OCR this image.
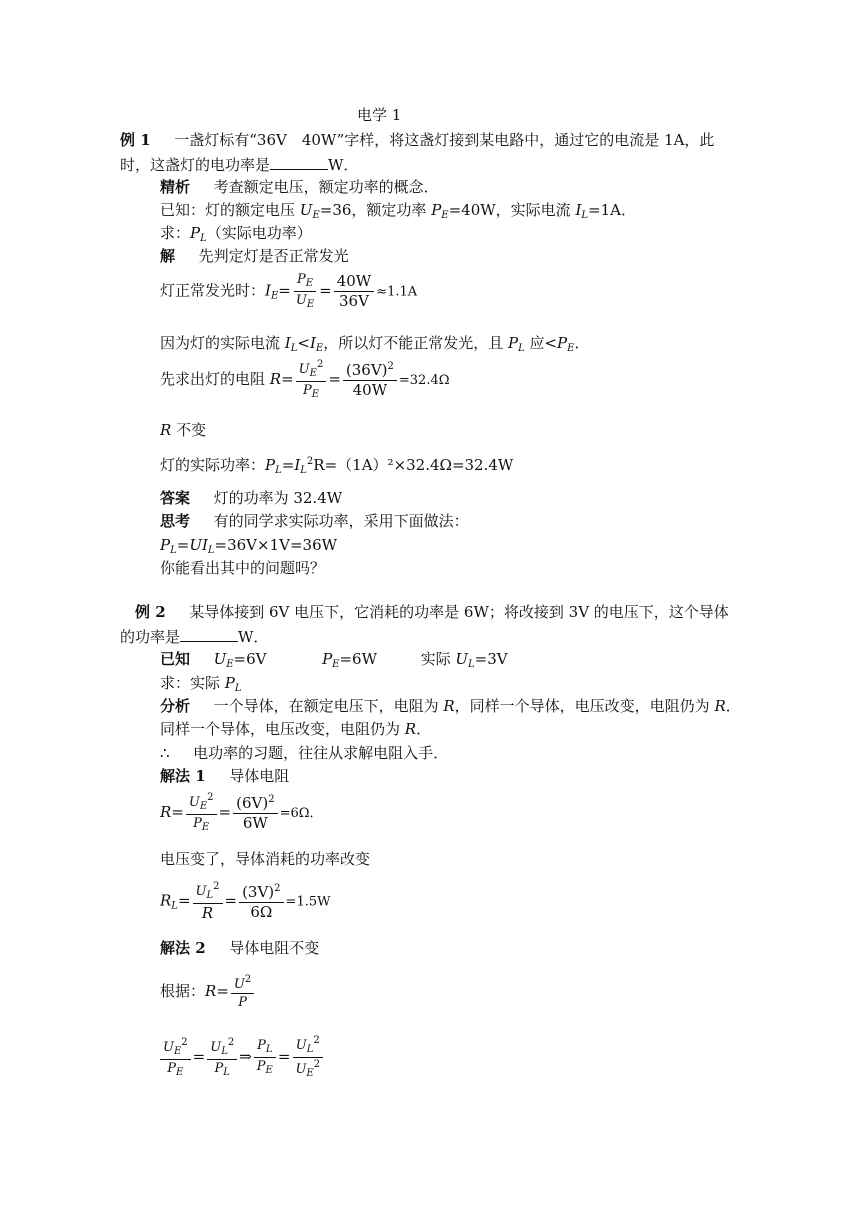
电学 1
例 1 一盏灯标有“36V　40W”字样，将这盏灯接到某电路中，通过它的电流是 1A，此
时，这盏灯的电功率是	W．
精析 考查额定电压，额定功率的概念．
已知：灯的额定电压 $U_E=36$，额定功率 $P_E=40W$，实际电流 $I_L=1A$．
求：$P_L$（实际电功率）
解 先判定灯是否正常发光
灯正常发光时：$I_E= \frac{P_E}{U_E} = \frac{40W}{36V} \approx 1.1A$
因为灯的实际电流 $I_L<I_E$，所以灯不能正常发光，且 $P_L$ 应$<P_E$．
先求出灯的电阻 $R= \frac{U_E^2}{P_E} = \frac{(36V)^2}{40W} =32.4\Omega$
R 不变
灯的实际功率：$P_L=I_L^2R=(1A)^2\times 32.4\Omega=32.4W$
答案 灯的功率为 32.4W
思考 有的同学求实际功率，采用下面做法：
$P_L=UI_L=36V\times 1V=36W$
你能看出其中的问题吗？
例 2 某导体接到 6V 电压下，它消耗的功率是 6W；将改接到 3V 的电压下，这个导体
的功率是	W．
已知 $U_E=6V$	$P_E=6W$	实际 $U_L=3V$
求：实际 $P_L$
分析 一个导体，在额定电压下，电阻为 R，同样一个导体，电压改变，电阻仍为 R．
同样一个导体，电压改变，电阻仍为 R．
∴ 电功率的习题，往往从求解电阻入手．
解法 1 导体电阻
$R= \frac{U_E^2}{P_E} = \frac{(6V)^2}{6W} =6\Omega$．
电压变了，导体消耗的功率改变
$R_L= \frac{U_L^2}{R} = \frac{(3V)^2}{6\Omega} =1.5W$
解法 2 导体电阻不变
根据：$R= \frac{U^2}{P}$
$\frac{U_E^2}{P_E} = \frac{U_L^2}{P_L}$ ⇒ $\frac{P_L}{P_E} = \frac{U_L^2}{U_E^2}$
